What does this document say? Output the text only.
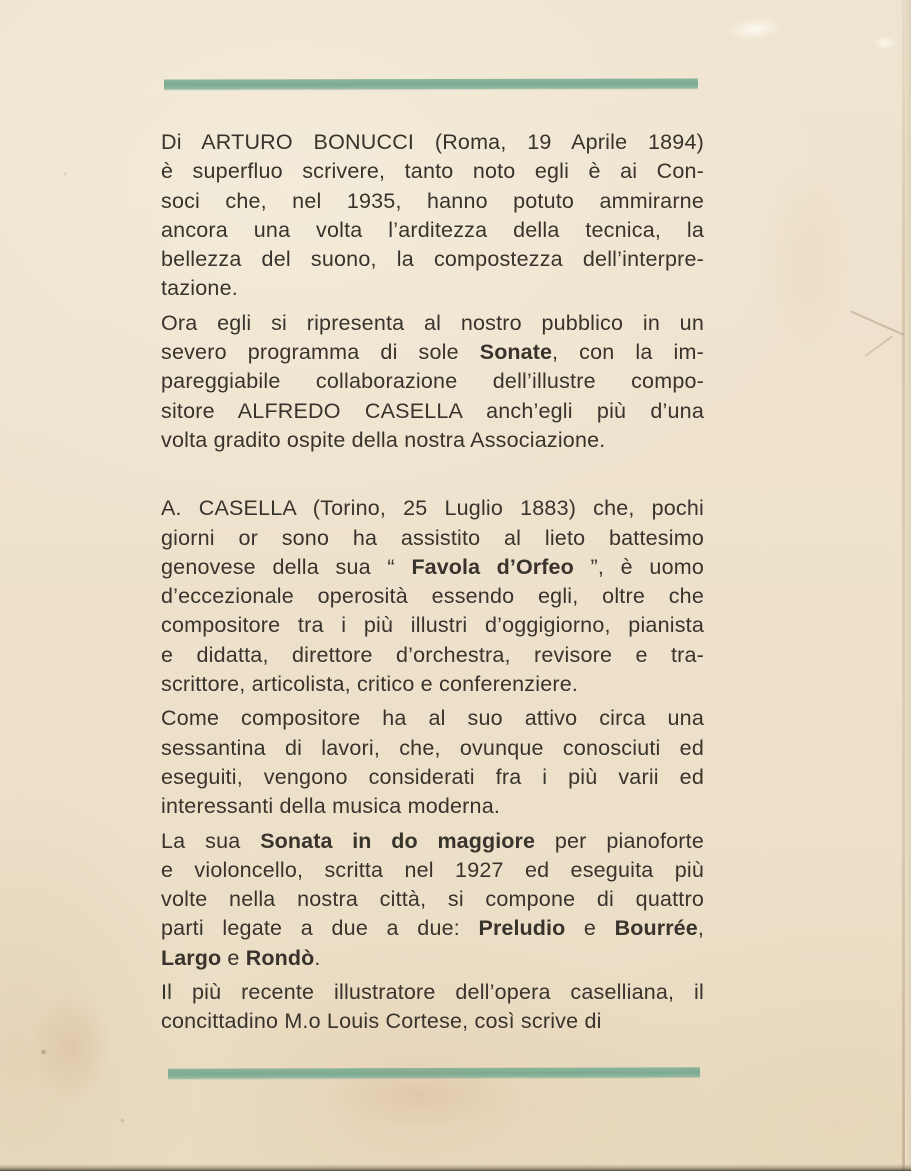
Di ARTURO BONUCCI (Roma, 19 Aprile 1894)
è superfluo scrivere, tanto noto egli è ai Con-
soci che, nel 1935, hanno potuto ammirarne
ancora una volta l’arditezza della tecnica, la
bellezza del suono, la compostezza dell’interpre-
tazione.
Ora egli si ripresenta al nostro pubblico in un
severo programma di sole Sonate, con la im-
pareggiabile collaborazione dell’illustre compo-
sitore ALFREDO CASELLA anch’egli più d’una
volta gradito ospite della nostra Associazione.
A. CASELLA (Torino, 25 Luglio 1883) che, pochi
giorni or sono ha assistito al lieto battesimo
genovese della sua “ Favola d’Orfeo ”, è uomo
d’eccezionale operosità essendo egli, oltre che
compositore tra i più illustri d’oggigiorno, pianista
e didatta, direttore d’orchestra, revisore e tra-
scrittore, articolista, critico e conferenziere.
Come compositore ha al suo attivo circa una
sessantina di lavori, che, ovunque conosciuti ed
eseguiti, vengono considerati fra i più varii ed
interessanti della musica moderna.
La sua Sonata in do maggiore per pianoforte
e violoncello, scritta nel 1927 ed eseguita più
volte nella nostra città, si compone di quattro
parti legate a due a due: Preludio e Bourrée,
Largo e Rondò.
Il più recente illustratore dell’opera caselliana, il
concittadino M.o Louis Cortese, così scrive di
